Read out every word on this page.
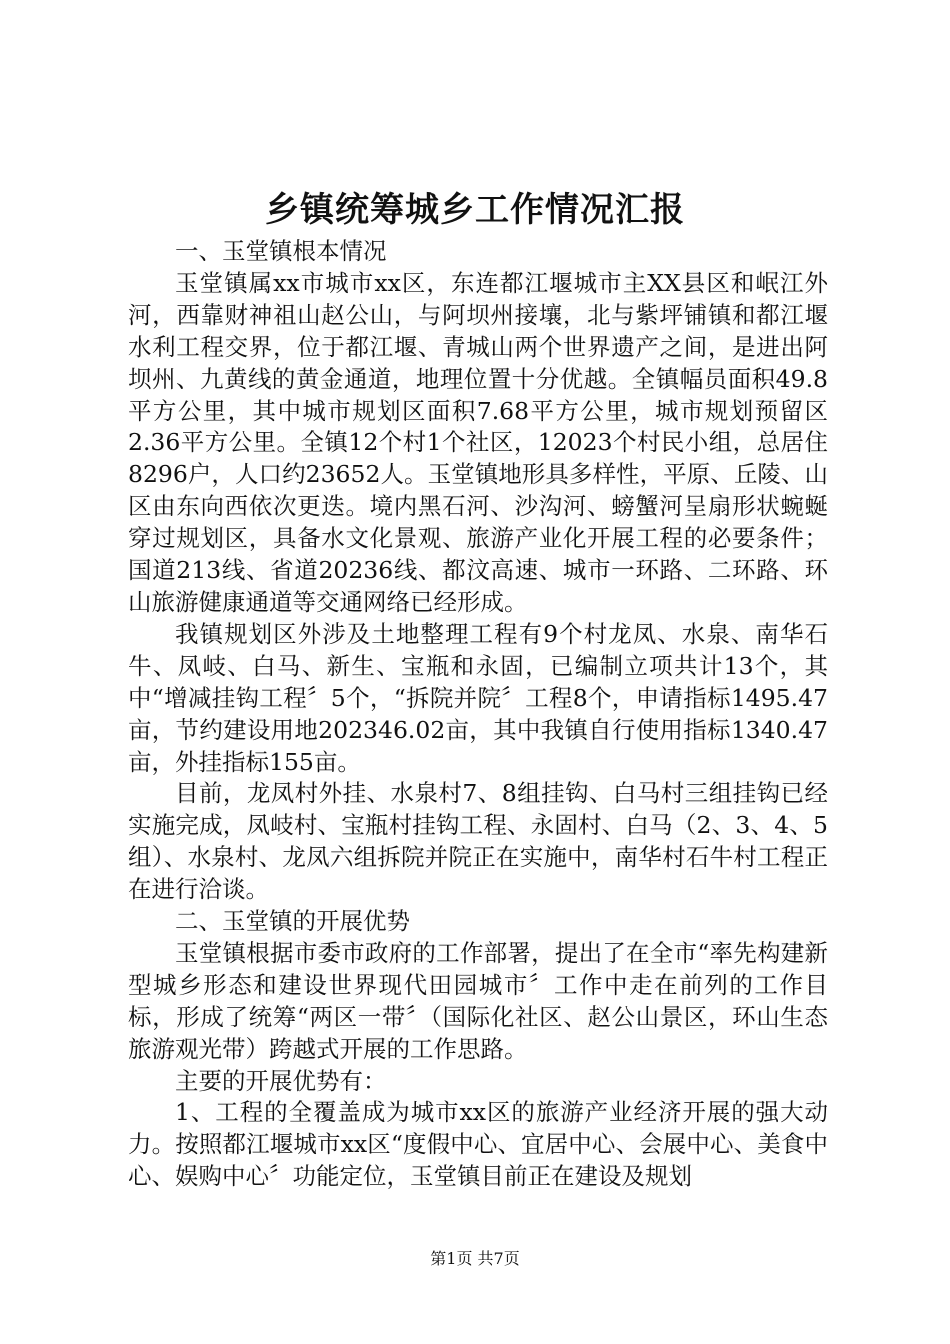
乡镇统筹城乡工作情况汇报

一、玉堂镇根本情况

玉堂镇属xx市城市xx区，东连都江堰城市主XX县区和岷江外河，西靠财神祖山赵公山，与阿坝州接壤，北与紫坪铺镇和都江堰水利工程交界，位于都江堰、青城山两个世界遗产之间，是进出阿坝州、九黄线的黄金通道，地理位置十分优越。全镇幅员面积49.8平方公里，其中城市规划区面积7.68平方公里，城市规划预留区2.36平方公里。全镇12个村1个社区，12023个村民小组，总居住8296户，人口约23652人。玉堂镇地形具多样性，平原、丘陵、山区由东向西依次更迭。境内黑石河、沙沟河、螃蟹河呈扇形状蜿蜒穿过规划区，具备水文化景观、旅游产业化开展工程的必要条件；国道213线、省道20236线、都汶高速、城市一环路、二环路、环山旅游健康通道等交通网络已经形成。

我镇规划区外涉及土地整理工程有9个村龙凤、水泉、南华石牛、凤岐、白马、新生、宝瓶和永固，已编制立项共计13个，其中“增减挂钩工程〞5个，“拆院并院〞工程8个，申请指标1495.47亩，节约建设用地202346.02亩，其中我镇自行使用指标1340.47亩，外挂指标155亩。

目前，龙凤村外挂、水泉村7、8组挂钩、白马村三组挂钩已经实施完成，凤岐村、宝瓶村挂钩工程、永固村、白马（2、3、4、5组）、水泉村、龙凤六组拆院并院正在实施中，南华村石牛村工程正在进行洽谈。

二、玉堂镇的开展优势

玉堂镇根据市委市政府的工作部署，提出了在全市“率先构建新型城乡形态和建设世界现代田园城市〞工作中走在前列的工作目标，形成了统筹“两区一带〞（国际化社区、赵公山景区，环山生态旅游观光带）跨越式开展的工作思路。

主要的开展优势有：

1、工程的全覆盖成为城市xx区的旅游产业经济开展的强大动力。按照都江堰城市xx区“度假中心、宜居中心、会展中心、美食中心、娱购中心〞功能定位，玉堂镇目前正在建设及规划

第1页 共7页
